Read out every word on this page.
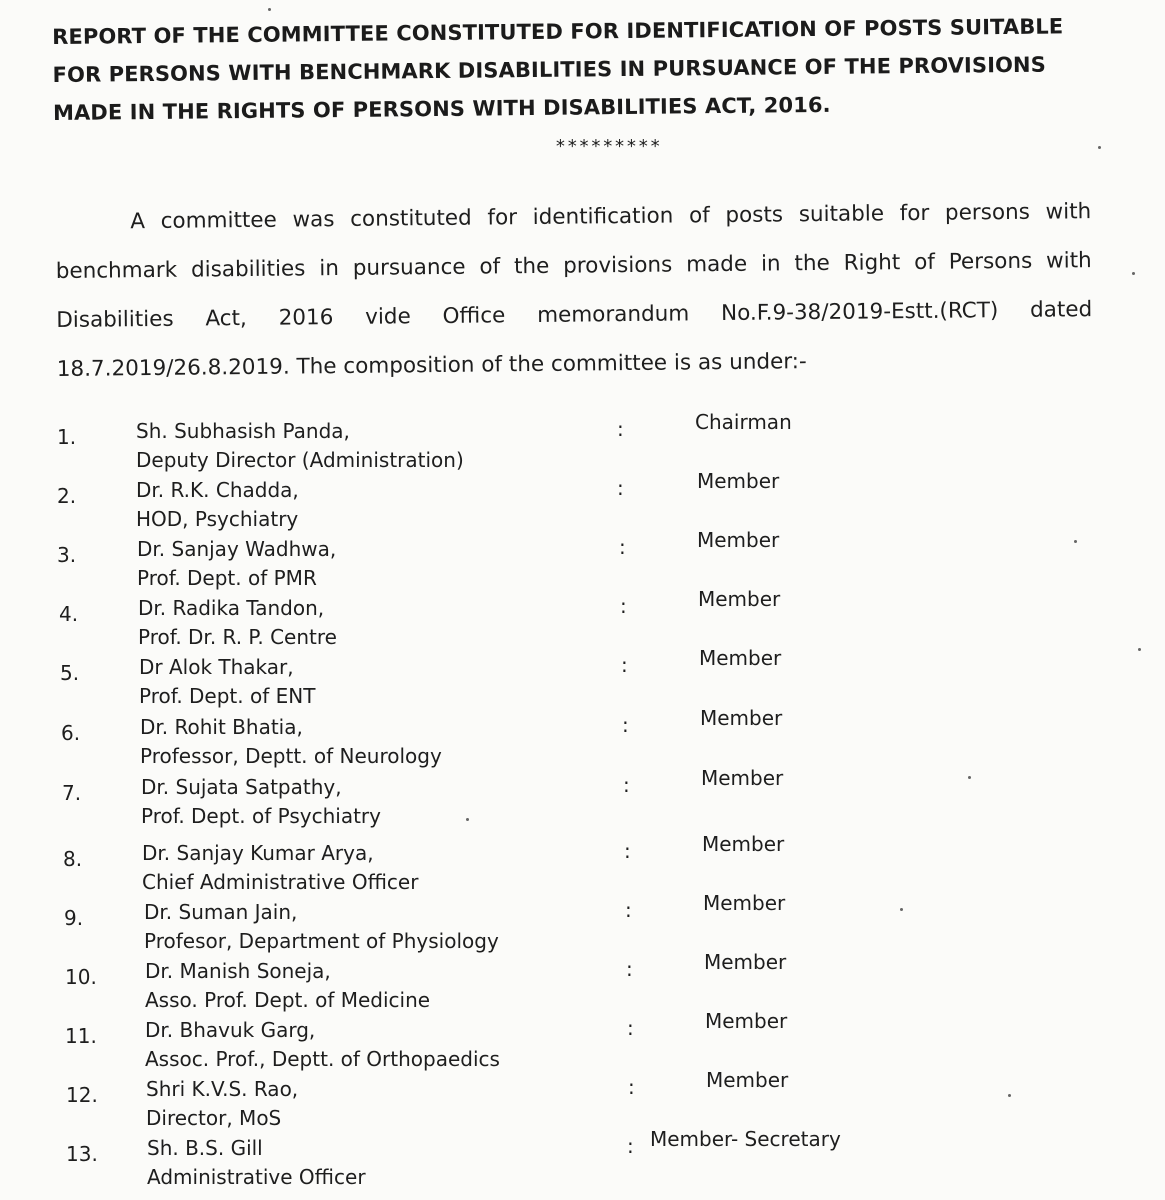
REPORT OF THE COMMITTEE CONSTITUTED FOR IDENTIFICATION OF POSTS SUITABLE FOR PERSONS WITH BENCHMARK DISABILITIES IN PURSUANCE OF THE PROVISIONS MADE IN THE RIGHTS OF PERSONS WITH DISABILITIES ACT, 2016.
*********
A committee was constituted for identification of posts suitable for persons with benchmark disabilities in pursuance of the provisions made in the Right of Persons with Disabilities Act, 2016 vide Office memorandum No.F.9-38/2019-Estt.(RCT) dated 18.7.2019/26.8.2019. The composition of the committee is as under:-
1.	Sh. Subhasish Panda,
Deputy Director (Administration)
:	Chairman
2.	Dr. R.K. Chadda,
HOD, Psychiatry
:	Member
3.	Dr. Sanjay Wadhwa,
Prof. Dept. of PMR
:	Member
4.	Dr. Radika Tandon,
Prof. Dr. R. P. Centre
:	Member
5.	Dr Alok Thakar,
Prof. Dept. of ENT
:	Member
6.	Dr. Rohit Bhatia,
Professor, Deptt. of Neurology
:	Member
7.	Dr. Sujata Satpathy,
Prof. Dept. of Psychiatry
:	Member
8.	Dr. Sanjay Kumar Arya,
Chief Administrative Officer
:	Member
9.	Dr. Suman Jain,
Profesor, Department of Physiology
:	Member
10. Dr. Manish Soneja,
Asso. Prof. Dept. of Medicine
:	Member
11. Dr. Bhavuk Garg,
Assoc. Prof., Deptt. of Orthopaedics
:	Member
12. Shri K.V.S. Rao,
Director, MoS
:	Member
13. Sh. B.S. Gill
Administrative Officer
: Member- Secretary
